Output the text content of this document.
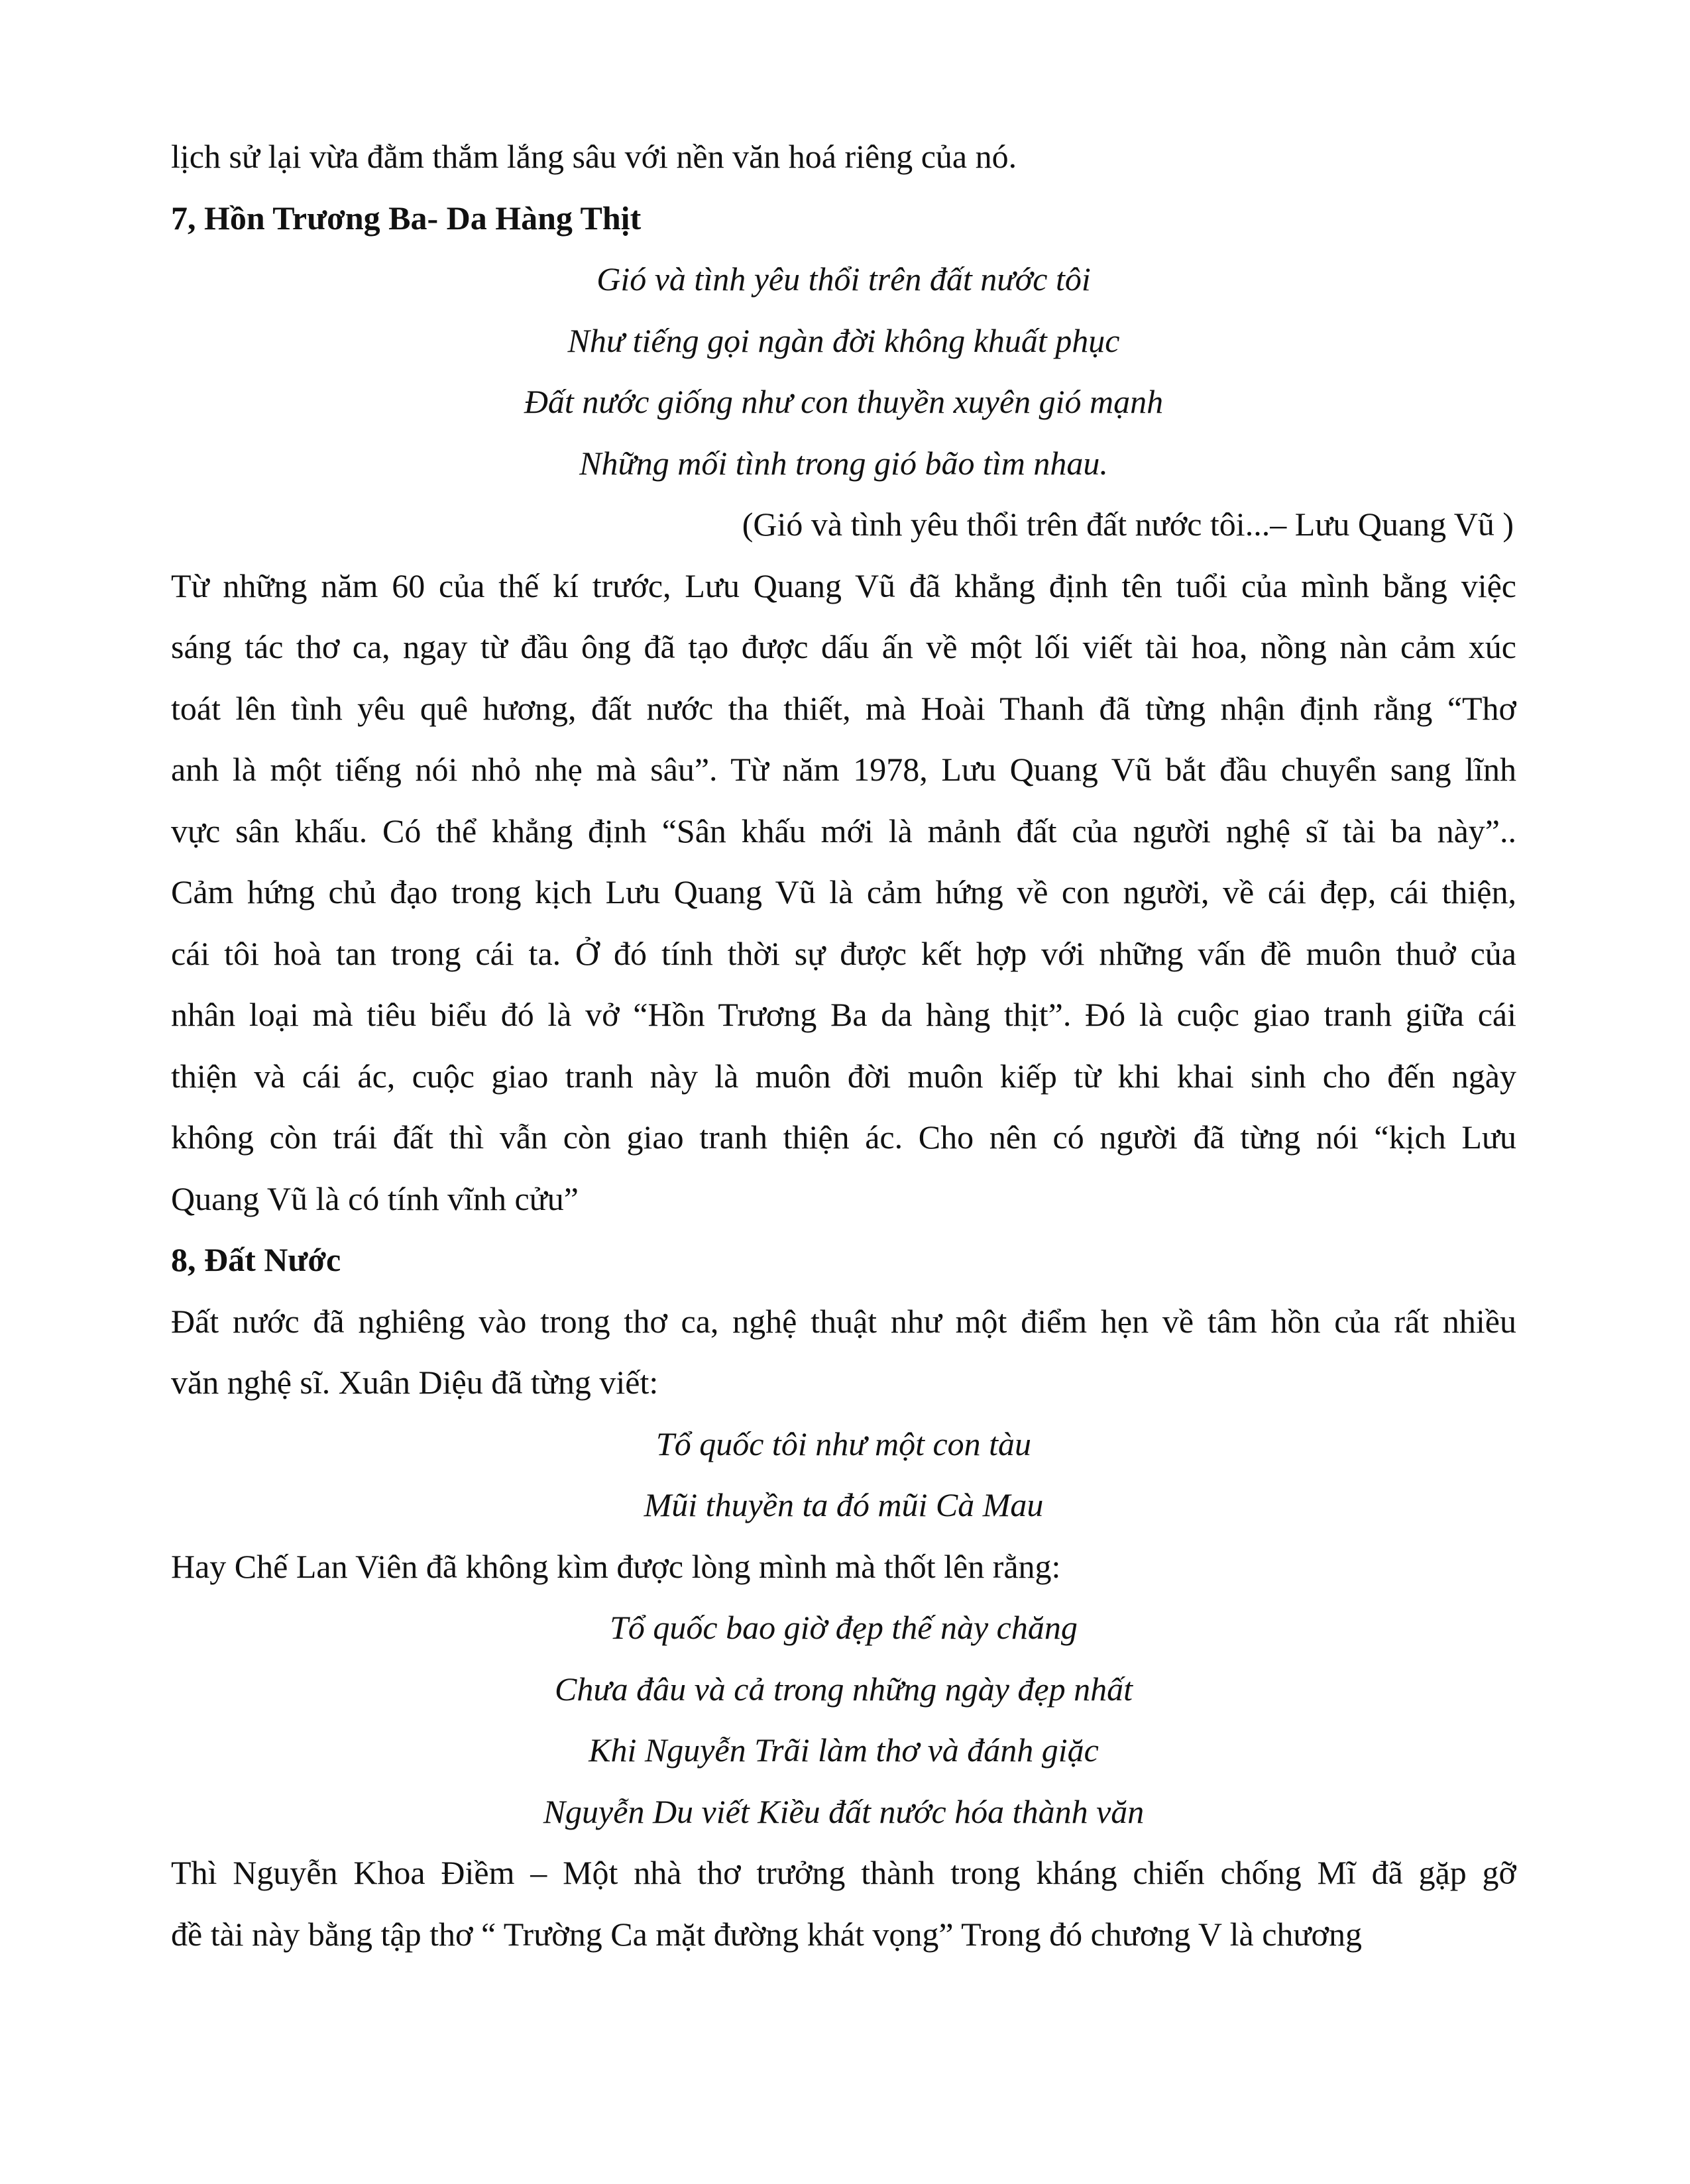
lịch sử lại vừa đằm thắm lắng sâu với nền văn hoá riêng của nó.
7, Hồn Trương Ba- Da Hàng Thịt
Gió và tình yêu thổi trên đất nước tôi
Như tiếng gọi ngàn đời không khuất phục
Đất nước giống như con thuyền xuyên gió mạnh
Những mối tình trong gió bão tìm nhau.
(Gió và tình yêu thổi trên đất nước tôi...– Lưu Quang Vũ )
Từ những năm 60 của thế kí trước, Lưu Quang Vũ đã khẳng định tên tuổi của mình bằng việc
sáng tác thơ ca, ngay từ đầu ông đã tạo được dấu ấn về một lối viết tài hoa, nồng nàn cảm xúc
toát lên tình yêu quê hương, đất nước tha thiết, mà Hoài Thanh đã từng nhận định rằng “Thơ
anh là một tiếng nói nhỏ nhẹ mà sâu”. Từ năm 1978, Lưu Quang Vũ bắt đầu chuyển sang lĩnh
vực sân khấu. Có thể khẳng định “Sân khấu mới là mảnh đất của người nghệ sĩ tài ba này”..
Cảm hứng chủ đạo trong kịch Lưu Quang Vũ là cảm hứng về con người, về cái đẹp, cái thiện,
cái tôi hoà tan trong cái ta. Ở đó tính thời sự được kết hợp với những vấn đề muôn thuở của
nhân loại mà tiêu biểu đó là vở “Hồn Trương Ba da hàng thịt”. Đó là cuộc giao tranh giữa cái
thiện và cái ác, cuộc giao tranh này là muôn đời muôn kiếp từ khi khai sinh cho đến ngày
không còn trái đất thì vẫn còn giao tranh thiện ác. Cho nên có người đã từng nói “kịch Lưu
Quang Vũ là có tính vĩnh cửu”
8, Đất Nước
Đất nước đã nghiêng vào trong thơ ca, nghệ thuật như một điểm hẹn về tâm hồn của rất nhiều
văn nghệ sĩ. Xuân Diệu đã từng viết:
Tổ quốc tôi như một con tàu
Mũi thuyền ta đó mũi Cà Mau
Hay Chế Lan Viên đã không kìm được lòng mình mà thốt lên rằng:
Tổ quốc bao giờ đẹp thế này chăng
Chưa đâu và cả trong những ngày đẹp nhất
Khi Nguyễn Trãi làm thơ và đánh giặc
Nguyễn Du viết Kiều đất nước hóa thành văn
Thì Nguyễn Khoa Điềm – Một nhà thơ trưởng thành trong kháng chiến chống Mĩ đã gặp gỡ
đề tài này bằng tập thơ “ Trường Ca mặt đường khát vọng” Trong đó chương V là chương
